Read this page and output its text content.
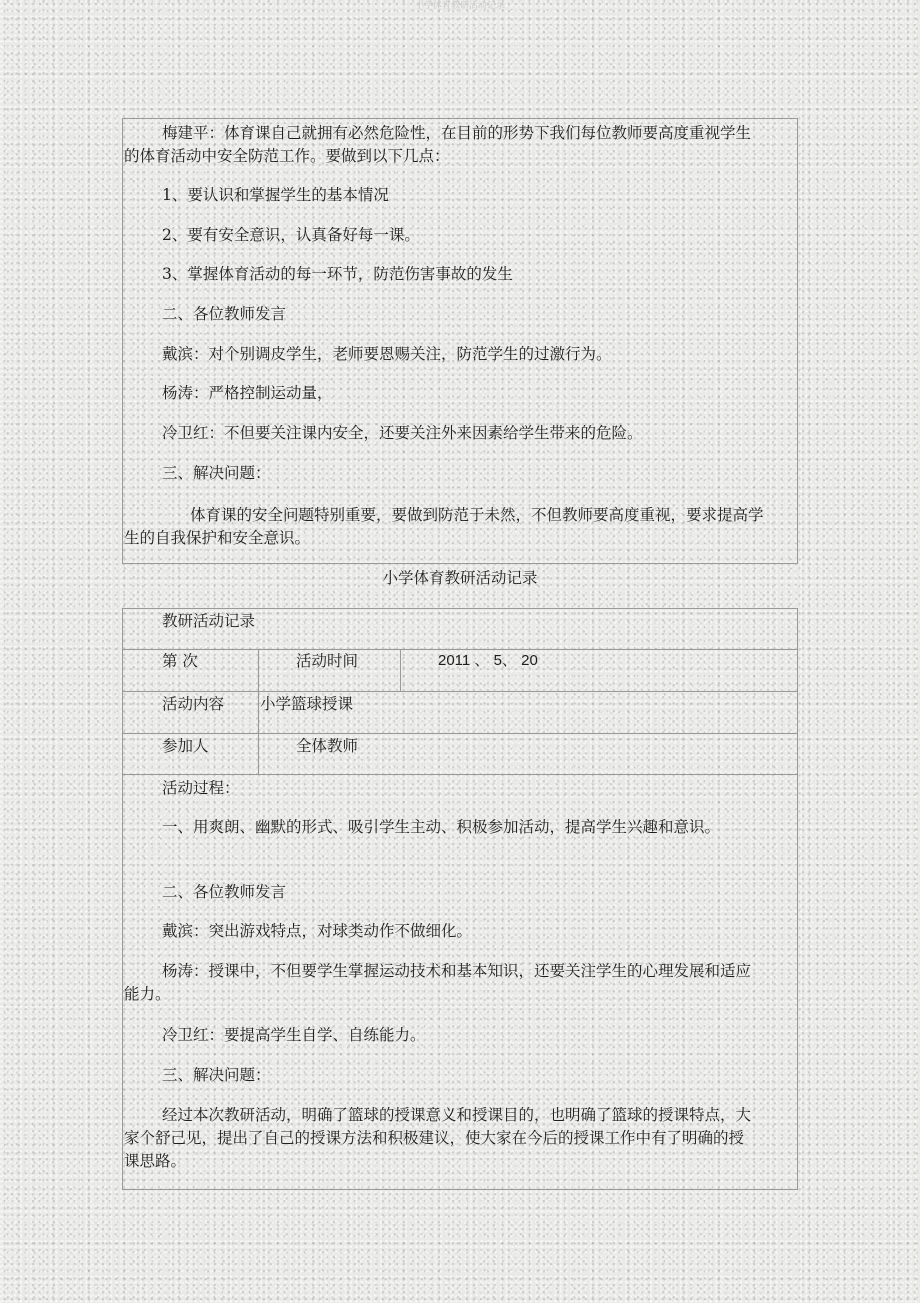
小学体育教研活动记录
梅建平：体育课自己就拥有必然危险性，在目前的形势下我们每位教师要高度重视学生的体育活动中安全防范工作。要做到以下几点：
1、要认识和掌握学生的基本情况
2、要有安全意识，认真备好每一课。
3、掌握体育活动的每一环节，防范伤害事故的发生
二、各位教师发言
戴滨：对个别调皮学生，老师要恩赐关注，防范学生的过激行为。
杨涛：严格控制运动量，
冷卫红：不但要关注课内安全，还要关注外来因素给学生带来的危险。
三、解决问题：
体育课的安全问题特别重要，要做到防范于未然，不但教师要高度重视，要求提高学生的自我保护和安全意识。
小学体育教研活动记录
教研活动记录
第 次	活动时间	2011 、 5、 20
活动内容 小学篮球授课
参加人	全体教师
活动过程：
一、用爽朗、幽默的形式、吸引学生主动、积极参加活动，提高学生兴趣和意识。
二、各位教师发言
戴滨：突出游戏特点，对球类动作不做细化。
杨涛：授课中，不但要学生掌握运动技术和基本知识，还要关注学生的心理发展和适应能力。
冷卫红：要提高学生自学、自练能力。
三、解决问题：
经过本次教研活动，明确了篮球的授课意义和授课目的，也明确了篮球的授课特点，大家个舒己见，提出了自己的授课方法和积极建议，使大家在今后的授课工作中有了明确的授课思路。
